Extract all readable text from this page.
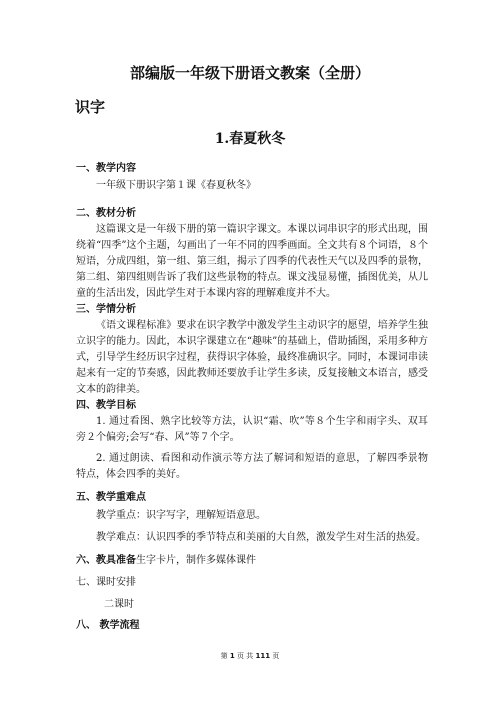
部编版一年级下册语文教案（全册）
识字
1.春夏秋冬
一、教学内容
一年级下册识字第１课《春夏秋冬》
二、教材分析
这篇课文是一年级下册的第一篇识字课文。本课以词串识字的形式出现，围绕着“四季”这个主题，勾画出了一年不同的四季画面。全文共有８个词语，８个短语，分成四组，第一组、第三组，揭示了四季的代表性天气以及四季的景物，第二组、第四组则告诉了我们这些景物的特点。课文浅显易懂，插图优美，从儿童的生活出发，因此学生对于本课内容的理解难度并不大。
三、学情分析
《语文课程标准》要求在识字教学中激发学生主动识字的愿望，培养学生独立识字的能力。因此，本识字课建立在“趣味”的基础上，借助插图，采用多种方式，引导学生经历识字过程，获得识字体验，最终准确识字。同时，本课词串读起来有一定的节奏感，因此教师还要放手让学生多读，反复接触文本语言，感受文本的韵律美。
四、教学目标
1. 通过看图、熟字比较等方法，认识“霜、吹”等８个生字和雨字头、双耳旁２个偏旁;会写“春、风”等７个字。
2. 通过朗读、看图和动作演示等方法了解词和短语的意思，了解四季景物特点，体会四季的美好。
五、教学重难点
教学重点：识字写字，理解短语意思。
教学难点：认识四季的季节特点和美丽的大自然，激发学生对生活的热爱。
六、教具准备生字卡片，制作多媒体课件
七、课时安排
二课时
八、 教学流程
第 1 页 共 111 页
